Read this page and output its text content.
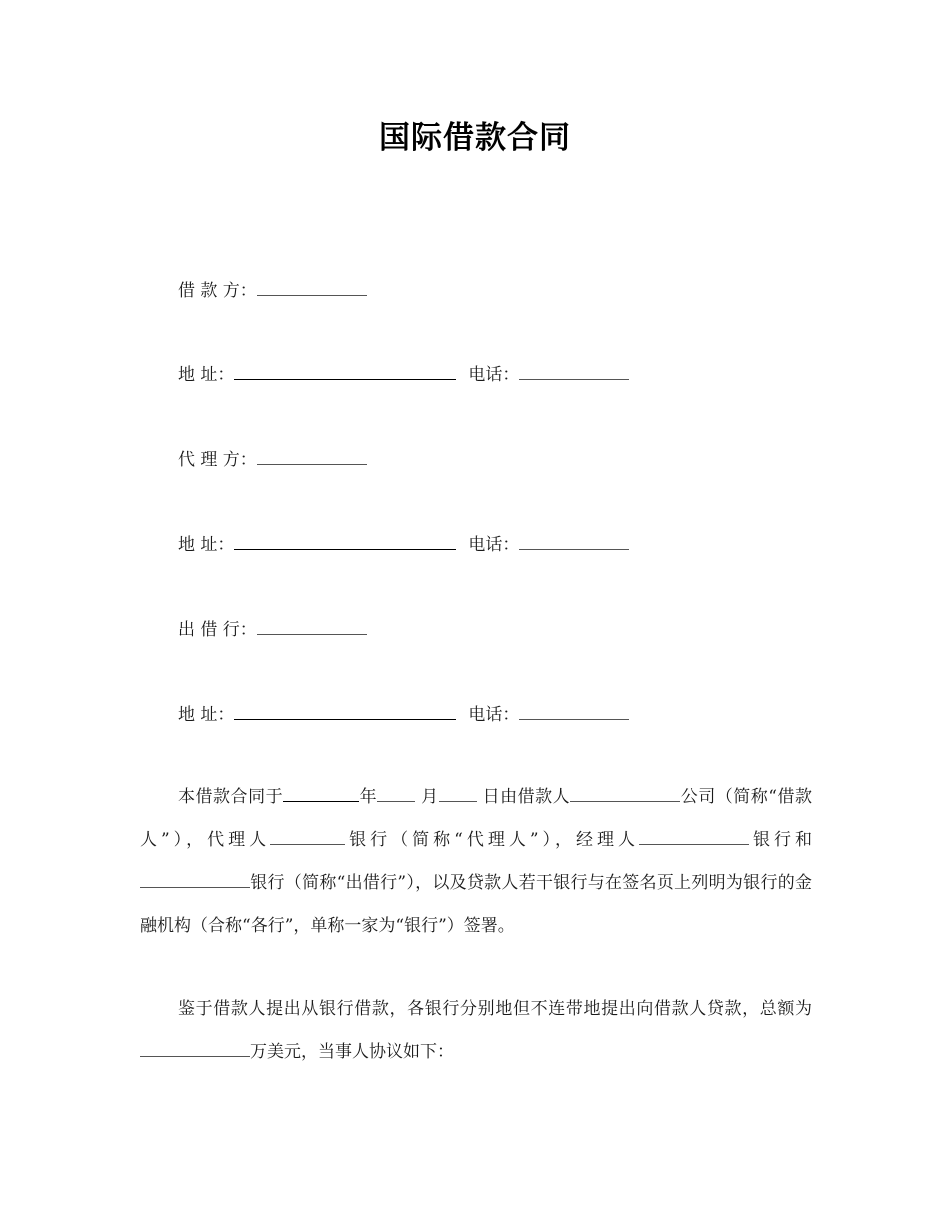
国际借款合同
借 款 方：
地 址：	电话：
代 理 方：
地 址：	电话：
出 借 行：
地 址：	电话：
本借款合同于	年	月	日由借款人	公司（简称“借款人”），代理人	银行（简称“代理人”），经理人	银行和银行（简称“出借行”），以及贷款人若干银行与在签名页上列明为银行的金融机构（合称“各行”，单称一家为“银行”）签署。
鉴于借款人提出从银行借款，各银行分别地但不连带地提出向借款人贷款，总额为万美元，当事人协议如下：
